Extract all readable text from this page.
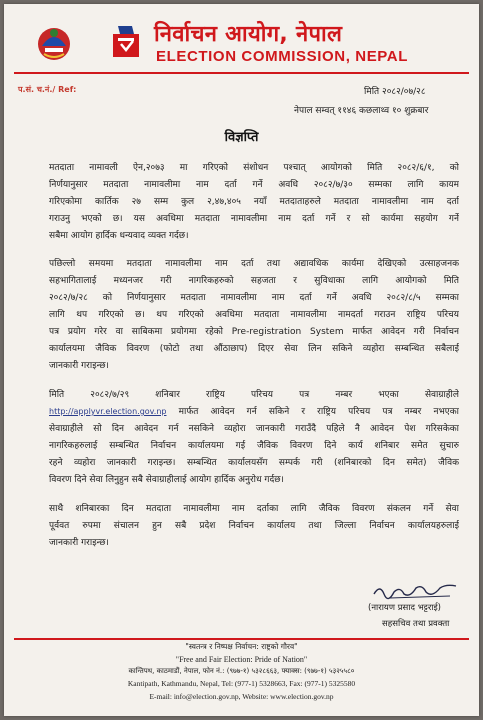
निर्वाचन आयोग, नेपाल
ELECTION COMMISSION, NEPAL
प.सं. च.नं./ Ref:	मिति २०८२/०७/२८
नेपाल सम्वत् ११४६ कछलाथ्व १० शुक्रबार
विज्ञप्ति
मतदाता नामावली ऐन,२०७३ मा गरिएको संशोधन पश्चात् आयोगको मिति २०८२/६/१, को
निर्णयानुसार मतदाता नामावलीमा नाम दर्ता गर्ने अवधि २०८२/७/३० सम्मका लागि कायम
गरिएकोमा कार्तिक २७ सम्म कुल २,४७,४०५ नयाँ मतदाताहरुले मतदाता नामावलीमा नाम दर्ता
गराउनु भएको छ। यस अवधिमा मतदाता नामावलीमा नाम दर्ता गर्ने र सो कार्यमा सहयोग गर्ने
सबैमा आयोग हार्दिक धन्यवाद व्यक्त गर्दछ।
पछिल्लो समयमा मतदाता नामावलीमा नाम दर्ता तथा अद्यावधिक कार्यमा देखिएको उत्साहजनक
सहभागितालाई मध्यनजर गरी नागरिकहरुको सहजता र सुविधाका लागि आयोगको मिति
२०८२/७/२८ को निर्णयानुसार मतदाता नामावलीमा नाम दर्ता गर्ने अवधि २०८२/८/५ सम्मका
लागि थप गरिएको छ। थप गरिएको अवधिमा मतदाता नामावलीमा नामदर्ता गराउन राष्ट्रिय परिचय
पत्र प्रयोग गरेर वा साबिकमा प्रयोगमा रहेको Pre-registration System मार्फत आवेदन गरी निर्वाचन
कार्यालयमा जैविक विवरण (फोटो तथा औंठाछाप) दिएर सेवा लिन सकिने व्यहोरा सम्बन्धित सबैलाई
जानकारी गराइन्छ।
मिति २०८२/७/२९ शनिबार राष्ट्रिय परिचय पत्र नम्बर भएका सेवाग्राहीले
http://applyvr.election.gov.np मार्फत आवेदन गर्न सकिने र राष्ट्रिय परिचय पत्र नम्बर नभएका
सेवाग्राहीले सो दिन आवेदन गर्न नसकिने व्यहोरा जानकारी गराउँदै पहिले नै आवेदन पेश गरिसकेका
नागरिकहरुलाई सम्बन्धित निर्वाचन कार्यालयमा गई जैविक विवरण दिने कार्य शनिबार समेत सुचारु
रहने व्यहोरा जानकारी गराइन्छ। सम्बन्धित कार्यालयसँग सम्पर्क गरी (शनिबारको दिन समेत) जैविक
विवरण दिने सेवा लिनुहुन सबै सेवाग्राहीलाई आयोग हार्दिक अनुरोध गर्दछ।
साथै शनिबारका दिन मतदाता नामावलीमा नाम दर्ताका लागि जैविक विवरण संकलन गर्ने सेवा
पूर्ववत रुपमा संचालन हुन सबै प्रदेश निर्वाचन कार्यालय तथा जिल्ला निर्वाचन कार्यालयहरुलाई
जानकारी गराइन्छ।
(नारायण प्रसाद भट्टराई)
सहसचिव तथा प्रवक्ता
"स्वतन्त्र र निष्पक्ष निर्वाचन: राष्ट्रको गौरव"
"Free and Fair Election: Pride of Nation"
कान्तिपथ, काठमाडौं, नेपाल, फोन नं.: (९७७-१) ५३२८६६३, फ्याक्स: (९७७-१) ५३२५५८०
Kantipath, Kathmandu, Nepal, Tel: (977-1) 5328663, Fax: (977-1) 5325580
E-mail: info@election.gov.np, Website: www.election.gov.np
